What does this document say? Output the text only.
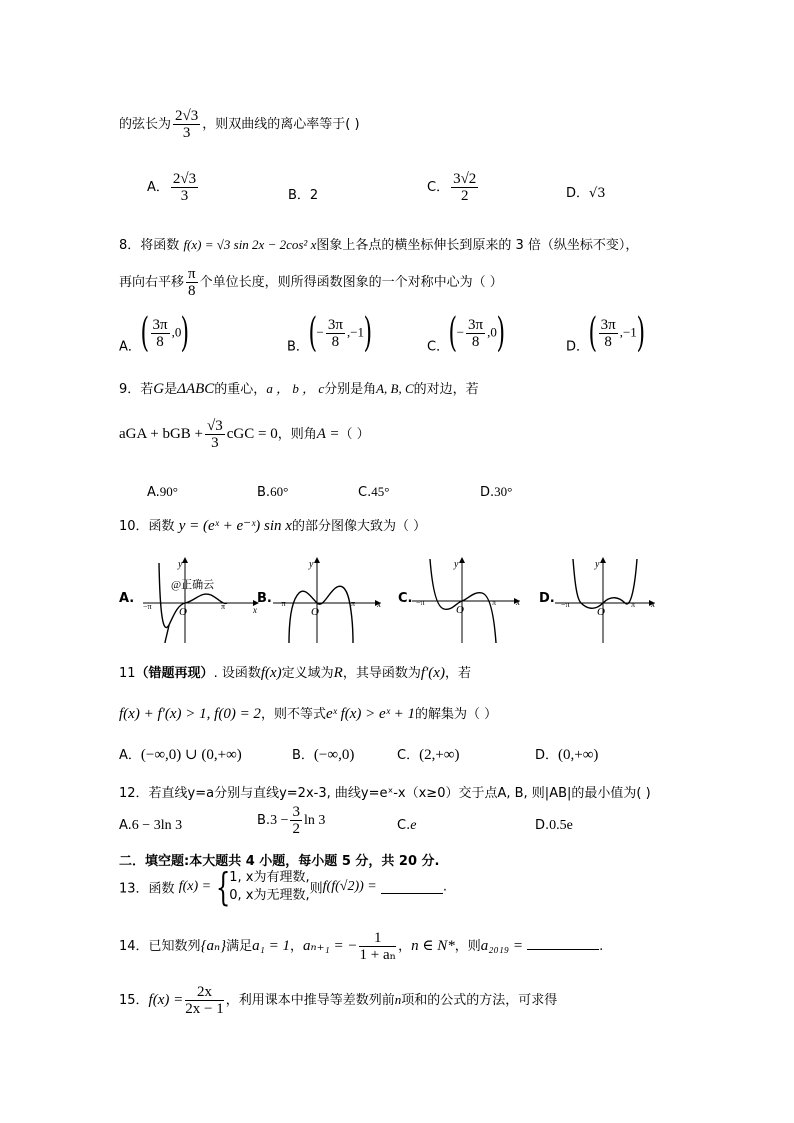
的弦长为 $\frac{2√3}{3}$ ，则双曲线的离心率等于( )
A． $\frac{2√3}{3}$	B．2
C． $\frac{3√2}{2}$	D．√3
8．将函数 f(x) = √3 sin 2x − 2cos² x图象上各点的横坐标伸长到原来的 3 倍（纵坐标不变），
再向右平移 $\frac{\pi}{8}$ 个单位长度，则所得函数图象的一个对称中心为（ ）
A．( $\frac{3\pi}{8} ,0$)	B．(− $\frac{3\pi}{8} ,-1$)	C．(− $\frac{3\pi}{8} ,0$)	D．( $\frac{3\pi}{8} ,-1$)
9．若G是ΔABC的重心，a ， b ， c分别是角A, B, C的对边，若
aGA + bGB + $\frac{√3}{3}$ cGC = 0，则角A =（ ）
A.90°	B.60°	C.45°	D.30°
10．函数 y = (eˣ + e⁻ˣ) sin x的部分图像大致为（ ）
A.
y
x
O
−π	π
@正确云
B.
y
x
O
−π	π	C.
y
x
O
−π	π	D.
y
x
O
−π	π
11（错题再现）. 设函数f(x)定义域为R，其导函数为f′(x)，若
f(x) + f′(x) > 1, f(0) = 2，则不等式eˣ f(x) > eˣ + 1的解集为（ ）
A．(−∞,0) ∪ (0,+∞)	B．(−∞,0)	C．(2,+∞)	D．(0,+∞)
12．若直线y=a分别与直线y=2x-3, 曲线y=eˣ-x（x≥0）交于点A, B, 则|AB|的最小值为( )
A.6 − 3ln 3	$B.3 - \frac{3}{2}$ ln 3	C.e	D.0.5e
二．填空题:本大题共 4 小题，每小题 5 分，共 20 分.
13．函数 f(x) = {
1, x为有理数,
0, x为无理数, 则f(f(√2)) =	.
14．已知数列{aₙ}满足a₁ = 1，aₙ₊₁ = − $\frac{1}{\text{1 + aₙ}}$ ，n ∈ N*，则a₂₀₁₉ =	.
15．$f(x) = \frac{2x}{2x - 1}$ ，利用课本中推导等差数列前n项和的公式的方法，可求得
